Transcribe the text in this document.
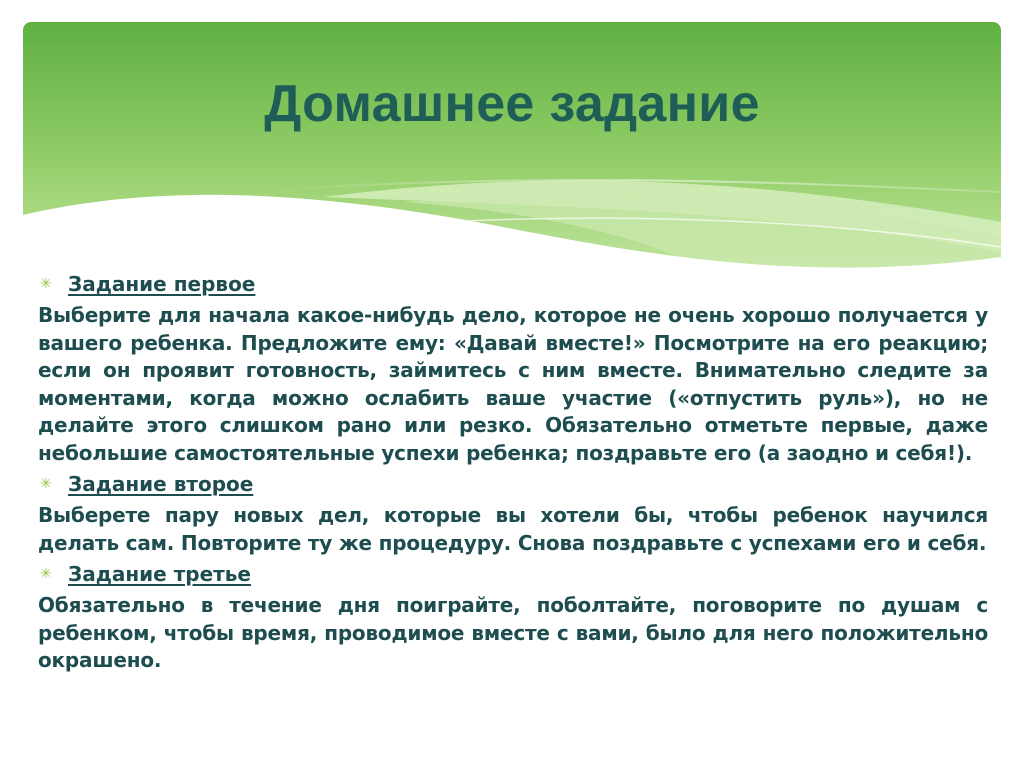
Домашнее задание

✳ Задание первое

Выберите для начала какое-нибудь дело, которое не очень хорошо получается у вашего ребенка. Предложите ему: «Давай вместе!» Посмотрите на его реакцию; если он проявит готовность, займитесь с ним вместе. Внимательно следите за моментами, когда можно ослабить ваше участие («отпустить руль»), но не делайте этого слишком рано или резко. Обязательно отметьте первые, даже небольшие самостоятельные успехи ребенка; поздравьте его (а заодно и себя!).

✳ Задание второе

Выберете пару новых дел, которые вы хотели бы, чтобы ребенок научился делать сам. Повторите ту же процедуру. Снова поздравьте с успехами его и себя.

✳ Задание третье

Обязательно в течение дня поиграйте, поболтайте, поговорите по душам с ребенком, чтобы время, проводимое вместе с вами, было для него положительно окрашено.
